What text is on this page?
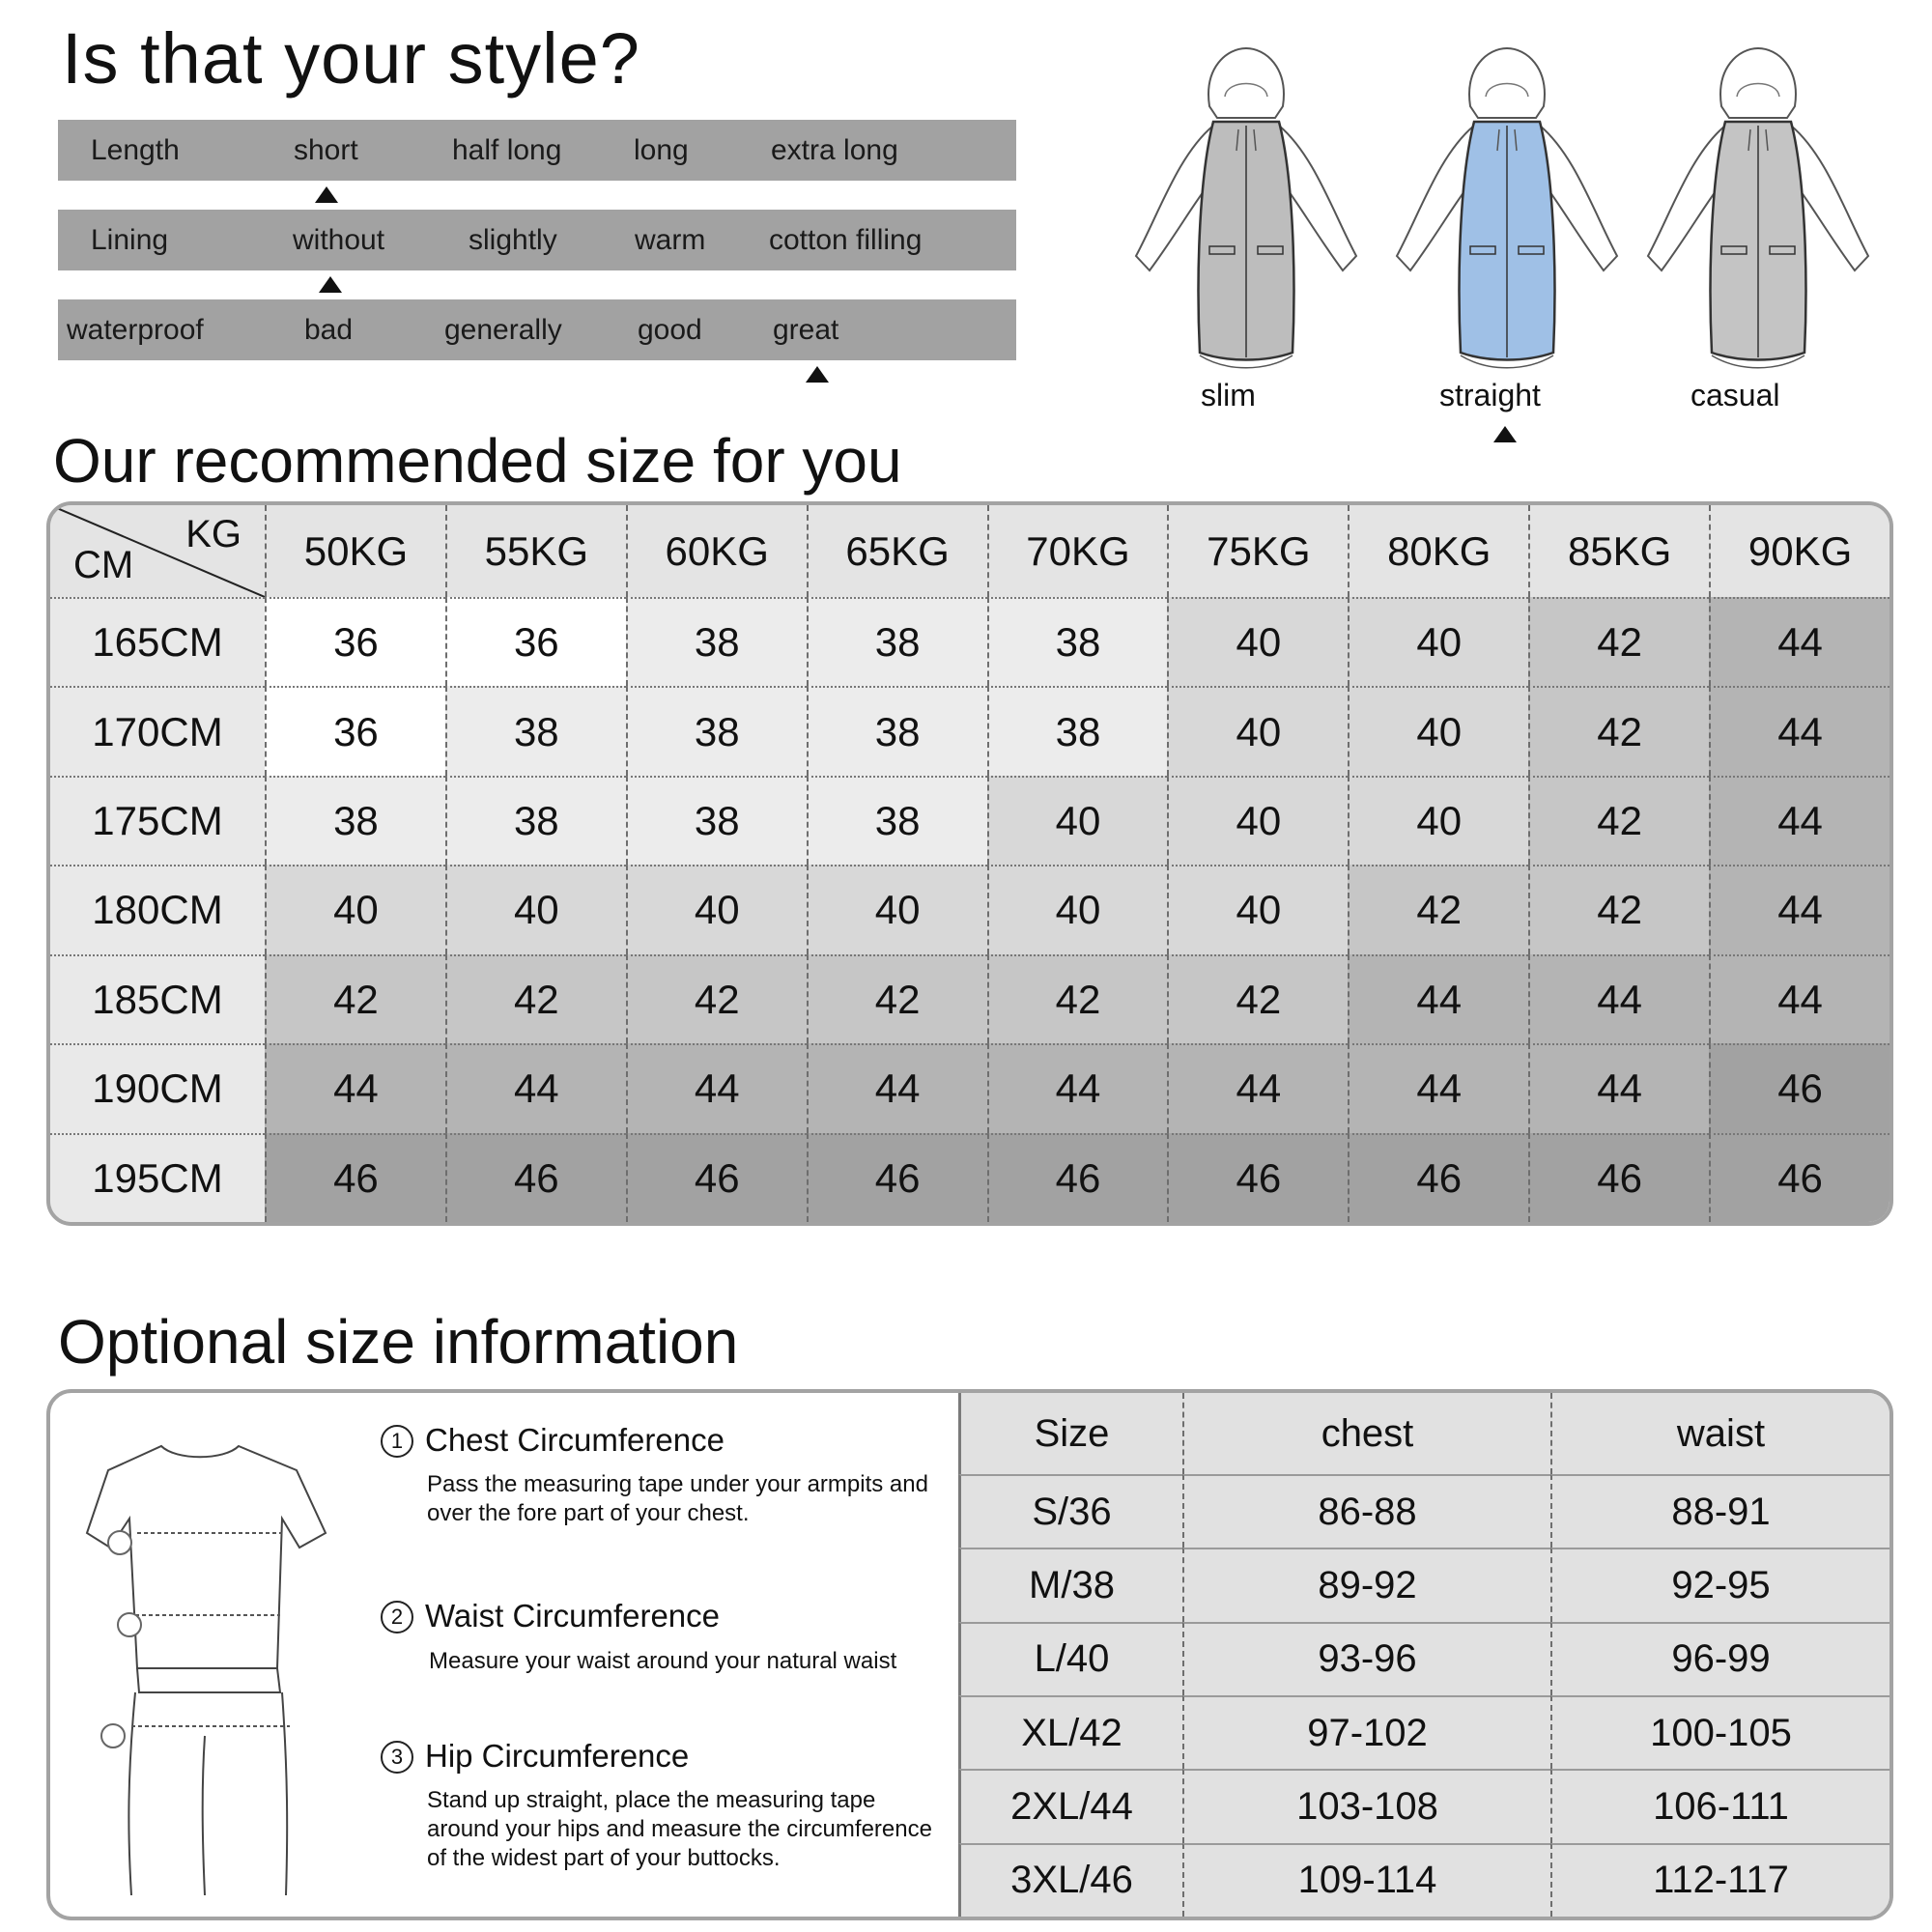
Is that your style?
Length	short	half long long	extra long
Lining	without	slightly	warm cotton filling
waterproof	bad	generally	good great
slim	straight	casual
Our recommended size for you
KG
CM	50KG	55KG	60KG	65KG	70KG	75KG	80KG	85KG	90KG
165CM	36	36	38	38	38	40	40	42	44
170CM	36	38	38	38	38	40	40	42	44
175CM	38	38	38	38	40	40	40	42	44
180CM	40	40	40	40	40	40	42	42	44
185CM	42	42	42	42	42	42	44	44	44
190CM	44	44	44	44	44	44	44	44	46
195CM	46	46	46	46	46	46	46	46	46
Optional size information
1 Chest Circumference
Pass the measuring tape under your armpits and over the fore part of your chest.
2 Waist Circumference
Measure your waist around your natural waist
3 Hip Circumference
Stand up straight, place the measuring tape around your hips and measure the circumference of the widest part of your buttocks.
Size	chest	waist
S/36	86-88	88-91
M/38	89-92	92-95
L/40	93-96	96-99
XL/42	97-102	100-105
2XL/44	103-108	106-111
3XL/46	109-114	112-117
